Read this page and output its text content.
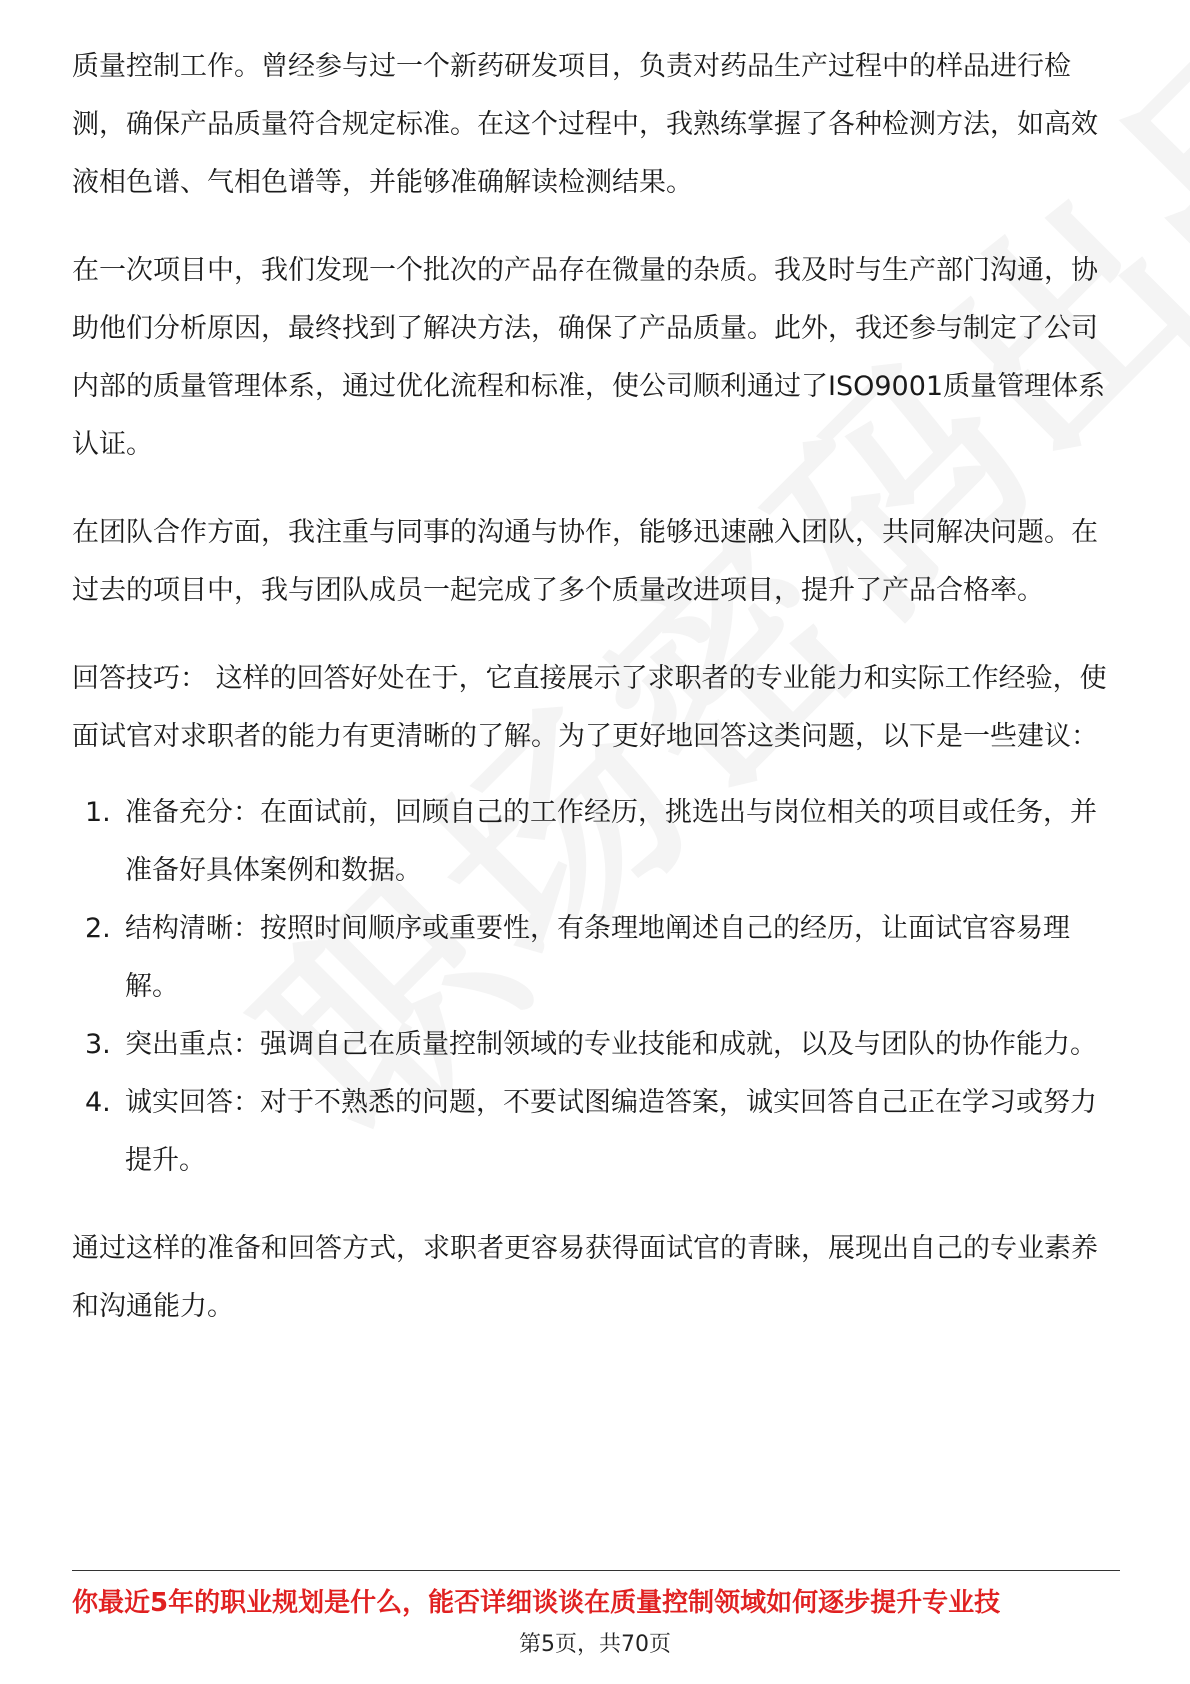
质量控制工作。曾经参与过一个新药研发项目，负责对药品生产过程中的样品进行检测，确保产品质量符合规定标准。在这个过程中，我熟练掌握了各种检测方法，如高效液相色谱、气相色谱等，并能够准确解读检测结果。

在一次项目中，我们发现一个批次的产品存在微量的杂质。我及时与生产部门沟通，协助他们分析原因，最终找到了解决方法，确保了产品质量。此外，我还参与制定了公司内部的质量管理体系，通过优化流程和标准，使公司顺利通过了ISO9001质量管理体系认证。

在团队合作方面，我注重与同事的沟通与协作，能够迅速融入团队，共同解决问题。在过去的项目中，我与团队成员一起完成了多个质量改进项目，提升了产品合格率。

回答技巧： 这样的回答好处在于，它直接展示了求职者的专业能力和实际工作经验，使面试官对求职者的能力有更清晰的了解。为了更好地回答这类问题，以下是一些建议：

1. 准备充分：在面试前，回顾自己的工作经历，挑选出与岗位相关的项目或任务，并准备好具体案例和数据。
2. 结构清晰：按照时间顺序或重要性，有条理地阐述自己的经历，让面试官容易理解。
3. 突出重点：强调自己在质量控制领域的专业技能和成就，以及与团队的协作能力。
4. 诚实回答：对于不熟悉的问题，不要试图编造答案，诚实回答自己正在学习或努力提升。

通过这样的准备和回答方式，求职者更容易获得面试官的青睐，展现出自己的专业素养和沟通能力。

你最近5年的职业规划是什么，能否详细谈谈在质量控制领域如何逐步提升专业技
第5页，共70页
